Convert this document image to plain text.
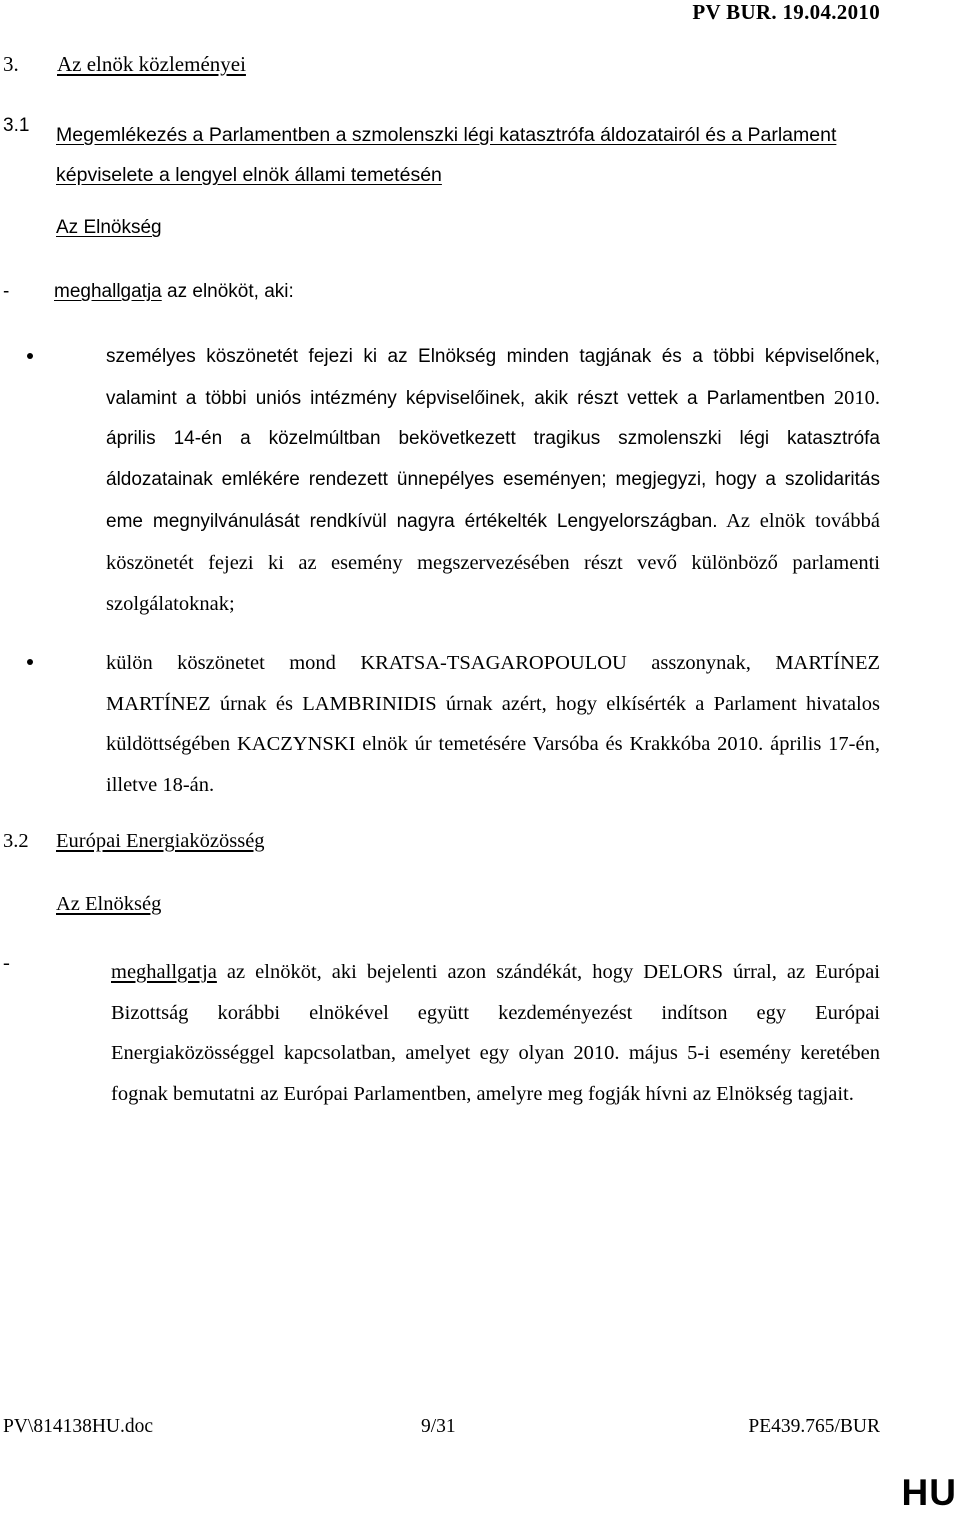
PV BUR. 19.04.2010
3.	Az elnök közleményei
3.1 Megemlékezés a Parlamentben a szmolenszki légi katasztrófa áldozatairól és a Parlament képviselete a lengyel elnök állami temetésén
Az Elnökség
- meghallgatja az elnököt, aki:
személyes köszönetét fejezi ki az Elnökség minden tagjának és a többi képviselőnek, valamint a többi uniós intézmény képviselőinek, akik részt vettek a Parlamentben 2010. április 14-én a közelmúltban bekövetkezett tragikus szmolenszki légi katasztrófa áldozatainak emlékére rendezett ünnepélyes eseményen; megjegyzi, hogy a szolidaritás eme megnyilvánulását rendkívül nagyra értékelték Lengyelországban. Az elnök továbbá köszönetét fejezi ki az esemény megszervezésében részt vevő különböző parlamenti szolgálatoknak;
külön köszönetet mond KRATSA-TSAGAROPOULOU asszonynak, MARTÍNEZ MARTÍNEZ úrnak és LAMBRINIDIS úrnak azért, hogy elkísérték a Parlament hivatalos küldöttségében KACZYNSKI elnök úr temetésére Varsóba és Krakkóba 2010. április 17-én, illetve 18-án.
3.2 Európai Energiaközösség
Az Elnökség
-	meghallgatja az elnököt, aki bejelenti azon szándékát, hogy DELORS úrral, az Európai Bizottság korábbi elnökével együtt kezdeményezést indítson egy Európai Energiaközösséggel kapcsolatban, amelyet egy olyan 2010. május 5-i esemény keretében fognak bemutatni az Európai Parlamentben, amelyre meg fogják hívni az Elnökség tagjait.
PV\814138HU.doc	9/31	PE439.765/BUR
HU
